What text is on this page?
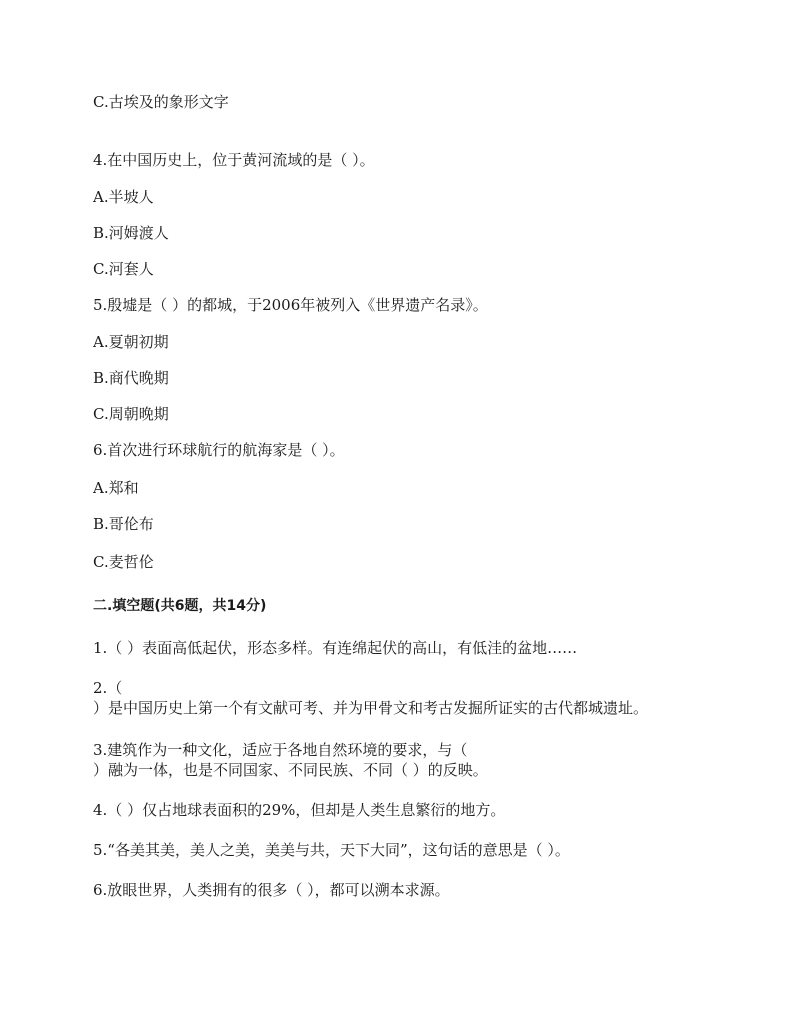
C.古埃及的象形文字
4.在中国历史上，位于黄河流域的是（ ）。
A.半坡人
B.河姆渡人
C.河套人
5.殷墟是（ ）的都城，于2006年被列入《世界遗产名录》。
A.夏朝初期
B.商代晚期
C.周朝晚期
6.首次进行环球航行的航海家是（ ）。
A.郑和
B.哥伦布
C.麦哲伦
二.填空题(共6题，共14分)
1.（ ）表面高低起伏，形态多样。有连绵起伏的高山，有低洼的盆地……
2.（
）是中国历史上第一个有文献可考、并为甲骨文和考古发掘所证实的古代都城遗址。
3.建筑作为一种文化，适应于各地自然环境的要求，与（
）融为一体，也是不同国家、不同民族、不同（ ）的反映。
4.（ ）仅占地球表面积的29%，但却是人类生息繁衍的地方。
5.“各美其美，美人之美，美美与共，天下大同”，这句话的意思是（ ）。
6.放眼世界，人类拥有的很多（ ），都可以溯本求源。
